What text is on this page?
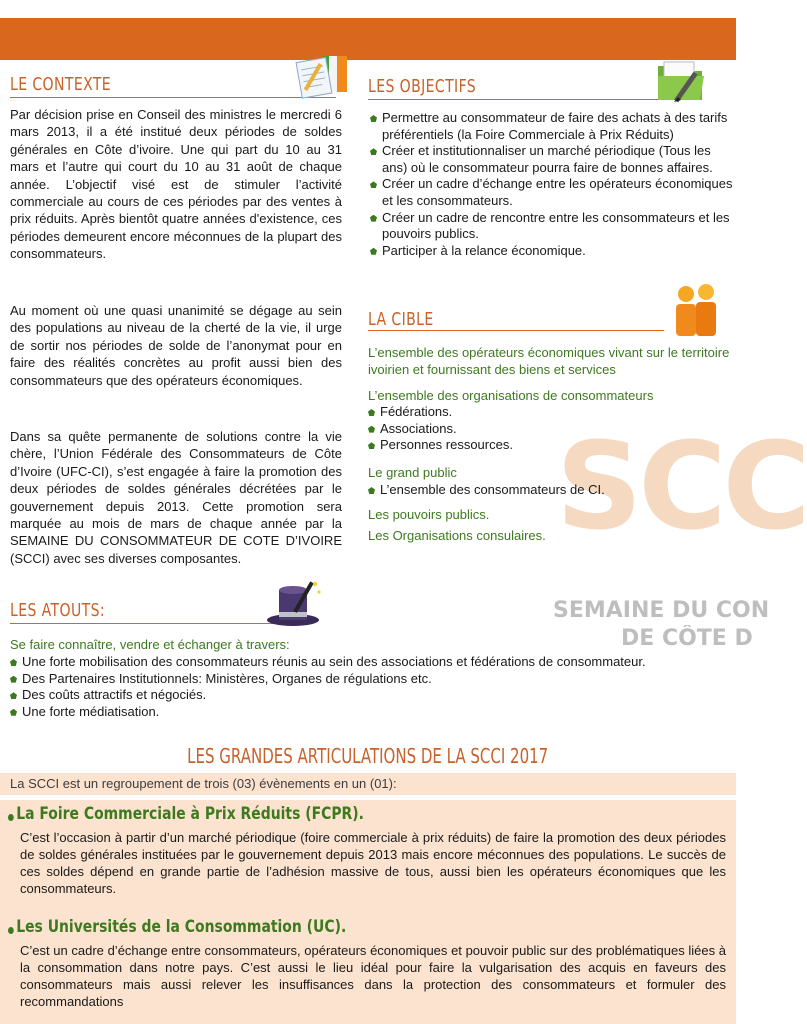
LE CONTEXTE
Par décision prise en Conseil des ministres le mercredi 6 mars 2013, il a été institué deux périodes de soldes générales en Côte d’ivoire. Une qui part du 10 au 31 mars et l’autre qui court du 10 au 31 août de chaque année. L’objectif visé est de stimuler l’activité commerciale au cours de ces périodes par des ventes à prix réduits. Après bientôt quatre années d'existence, ces périodes demeurent encore méconnues de la plupart des consommateurs.
Au moment où une quasi unanimité se dégage au sein des populations au niveau de la cherté de la vie, il urge de sortir nos périodes de solde de l’anonymat pour en faire des réalités concrètes au profit aussi bien des consommateurs que des opérateurs économiques.
Dans sa quête permanente de solutions contre la vie chère, l’Union Fédérale des Consommateurs de Côte d’Ivoire (UFC-CI), s’est engagée à faire la promotion des deux périodes de soldes générales décrétées par le gouvernement depuis 2013. Cette promotion sera marquée au mois de mars de chaque année par la SEMAINE DU CONSOMMATEUR DE COTE D’IVOIRE (SCCI) avec ses diverses composantes.
LES OBJECTIFS
Permettre au consommateur de faire des achats à des tarifs préférentiels (la Foire Commerciale à Prix Réduits)
Créer et institutionnaliser un marché périodique (Tous les ans) où le consommateur pourra faire de bonnes affaires.
Créer un cadre d’échange entre les opérateurs économiques et les consommateurs.
Créer un cadre de rencontre entre les consommateurs et les pouvoirs publics.
Participer à la relance économique.
LA CIBLE
SCC
SEMAINE DU CON
DE CÔTE D
L’ensemble des opérateurs économiques vivant sur le territoire ivoirien et fournissant des biens et services
L’ensemble des organisations de consommateurs
Fédérations.
Associations.
Personnes ressources.
Le grand public
L’ensemble des consommateurs de CI.
Les pouvoirs publics.
Les Organisations consulaires.
LES ATOUTS:
Se faire connaître, vendre et échanger à travers:
Une forte mobilisation des consommateurs réunis au sein des associations et fédérations de consommateur.
Des Partenaires Institutionnels: Ministères, Organes de régulations etc.
Des coûts attractifs et négociés.
Une forte médiatisation.
LES GRANDES ARTICULATIONS DE LA SCCI 2017
La SCCI est un regroupement de trois (03) évènements en un (01):
La Foire Commerciale à Prix Réduits (FCPR).
C’est l’occasion à partir d’un marché périodique (foire commerciale à prix réduits) de faire la promotion des deux périodes de soldes générales instituées par le gouvernement depuis 2013 mais encore méconnues des populations. Le succès de ces soldes dépend en grande partie de l’adhésion massive de tous, aussi bien les opérateurs économiques que les consommateurs.
Les Universités de la Consommation (UC).
C’est un cadre d’échange entre consommateurs, opérateurs économiques et pouvoir public sur des problématiques liées à la consommation dans notre pays. C’est aussi le lieu idéal pour faire la vulgarisation des acquis en faveurs des consommateurs mais aussi relever les insuffisances dans la protection des consommateurs et formuler des recommandations
